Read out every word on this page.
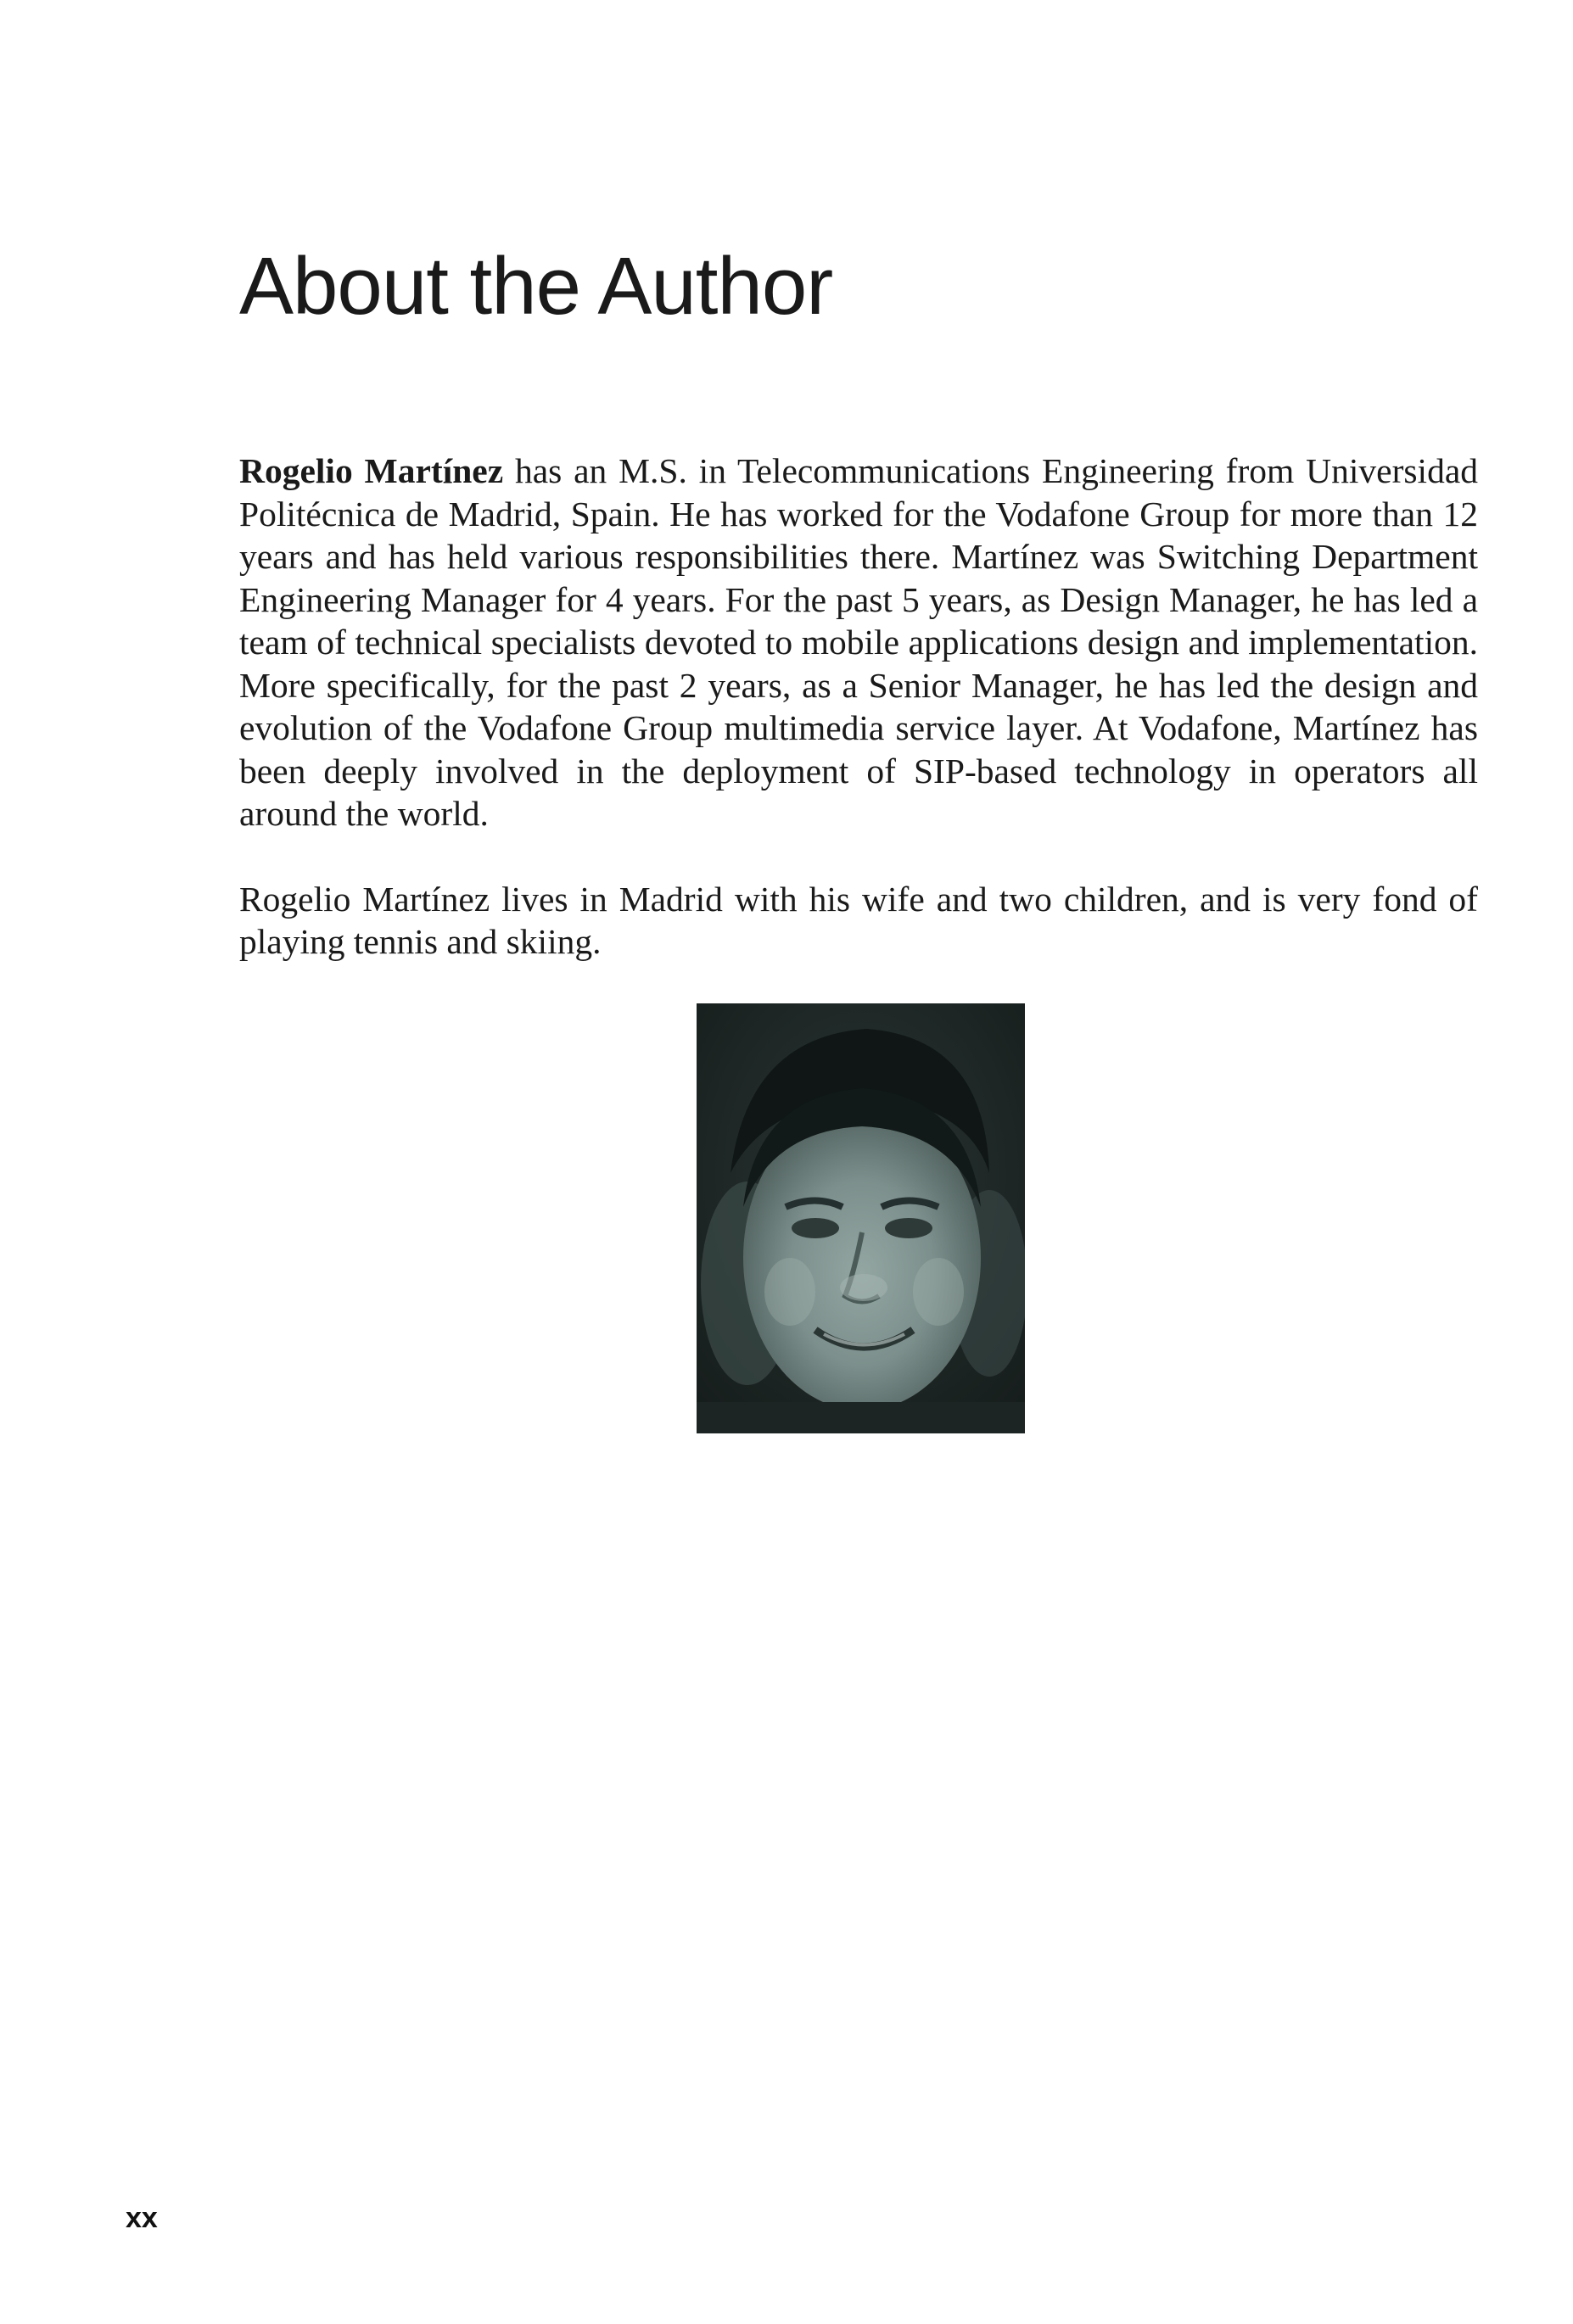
About the Author

Rogelio Martínez has an M.S. in Telecommunications Engineering from Universidad Politécnica de Madrid, Spain. He has worked for the Vodafone Group for more than 12 years and has held various responsibilities there. Martínez was Switching Department Engineering Manager for 4 years. For the past 5 years, as Design Manager, he has led a team of technical specialists devoted to mobile applications design and implementation. More specifically, for the past 2 years, as a Senior Manager, he has led the design and evolution of the Vodafone Group multimedia service layer. At Vodafone, Martínez has been deeply involved in the deployment of SIP-based technology in operators all around the world.

Rogelio Martínez lives in Madrid with his wife and two children, and is very fond of playing tennis and skiing.

xx
